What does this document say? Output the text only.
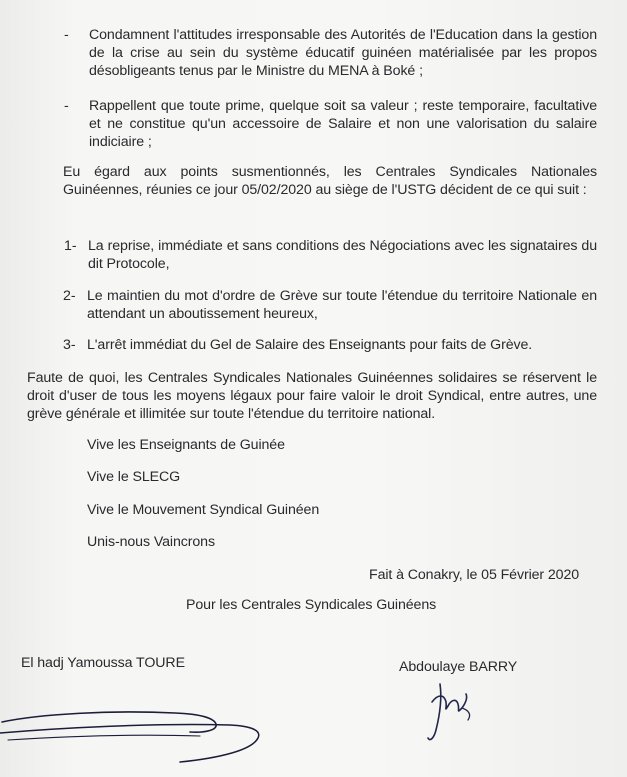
- Condamnent l'attitudes irresponsable des Autorités de l'Education dans la gestion de la crise au sein du système éducatif guinéen matérialisée par les propos désobligeants tenus par le Ministre du MENA à Boké ;
- Rappellent que toute prime, quelque soit sa valeur ; reste temporaire, facultative et ne constitue qu'un accessoire de Salaire et non une valorisation du salaire indiciaire ;
Eu égard aux points susmentionnés, les Centrales Syndicales Nationales Guinéennes, réunies ce jour 05/02/2020 au siège de l'USTG décident de ce qui suit :
1- La reprise, immédiate et sans conditions des Négociations avec les signataires du dit Protocole,
2- Le maintien du mot d'ordre de Grève sur toute l'étendue du territoire Nationale en attendant un aboutissement heureux,
3- L'arrêt immédiat du Gel de Salaire des Enseignants pour faits de Grève.
Faute de quoi, les Centrales Syndicales Nationales Guinéennes solidaires se réservent le droit d'user de tous les moyens légaux pour faire valoir le droit Syndical, entre autres, une grève générale et illimitée sur toute l'étendue du territoire national.
Vive les Enseignants de Guinée
Vive le SLECG
Vive le Mouvement Syndical Guinéen
Unis-nous Vaincrons
Fait à Conakry, le 05 Février 2020
Pour les Centrales Syndicales Guinéens
El hadj Yamoussa TOURE	Abdoulaye BARRY
